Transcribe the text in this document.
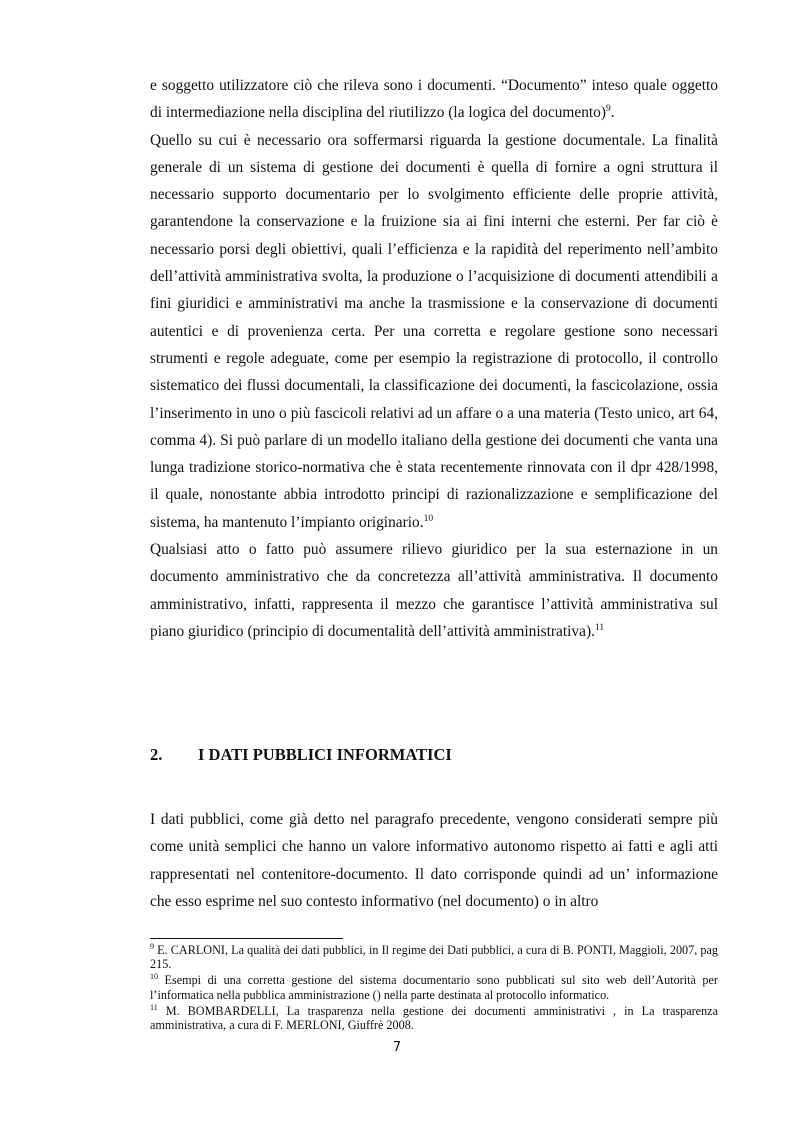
e soggetto utilizzatore ciò che rileva sono i documenti. “Documento” inteso quale oggetto di intermediazione nella disciplina del riutilizzo (la logica del documento)$^9$.

Quello su cui è necessario ora soffermarsi riguarda la gestione documentale. La finalità generale di un sistema di gestione dei documenti è quella di fornire a ogni struttura il necessario supporto documentario per lo svolgimento efficiente delle proprie attività, garantendone la conservazione e la fruizione sia ai fini interni che esterni. Per far ciò è necessario porsi degli obiettivi, quali l’efficienza e la rapidità del reperimento nell’ambito dell’attività amministrativa svolta, la produzione o l’acquisizione di documenti attendibili a fini giuridici e amministrativi ma anche la trasmissione e la conservazione di documenti autentici e di provenienza certa. Per una corretta e regolare gestione sono necessari strumenti e regole adeguate, come per esempio la registrazione di protocollo, il controllo sistematico dei flussi documentali, la classificazione dei documenti, la fascicolazione, ossia l’inserimento in uno o più fascicoli relativi ad un affare o a una materia (Testo unico, art 64, comma 4). Si può parlare di un modello italiano della gestione dei documenti che vanta una lunga tradizione storico-normativa che è stata recentemente rinnovata con il dpr 428/1998, il quale, nonostante abbia introdotto principi di razionalizzazione e semplificazione del sistema, ha mantenuto l’impianto originario.$^{10}$

Qualsiasi atto o fatto può assumere rilievo giuridico per la sua esternazione in un documento amministrativo che da concretezza all’attività amministrativa. Il documento amministrativo, infatti, rappresenta il mezzo che garantisce l’attività amministrativa sul piano giuridico (principio di documentalità dell’attività amministrativa).$^{11}$

2. I DATI PUBBLICI INFORMATICI

I dati pubblici, come già detto nel paragrafo precedente, vengono considerati sempre più come unità semplici che hanno un valore informativo autonomo rispetto ai fatti e agli atti rappresentati nel contenitore-documento. Il dato corrisponde quindi ad un’ informazione che esso esprime nel suo contesto informativo (nel documento) o in altro

$^9$ E. CARLONI, La qualità dei dati pubblici, in Il regime dei Dati pubblici, a cura di B. PONTI, Maggioli, 2007, pag 215.

$^{10}$ Esempi di una corretta gestione del sistema documentario sono pubblicati sul sito web dell’Autorità per l’informatica nella pubblica amministrazione () nella parte destinata al protocollo informatico.

$^{11}$ M. BOMBARDELLI, La trasparenza nella gestione dei documenti amministrativi , in La trasparenza amministrativa, a cura di F. MERLONI, Giuffrè 2008.

7
